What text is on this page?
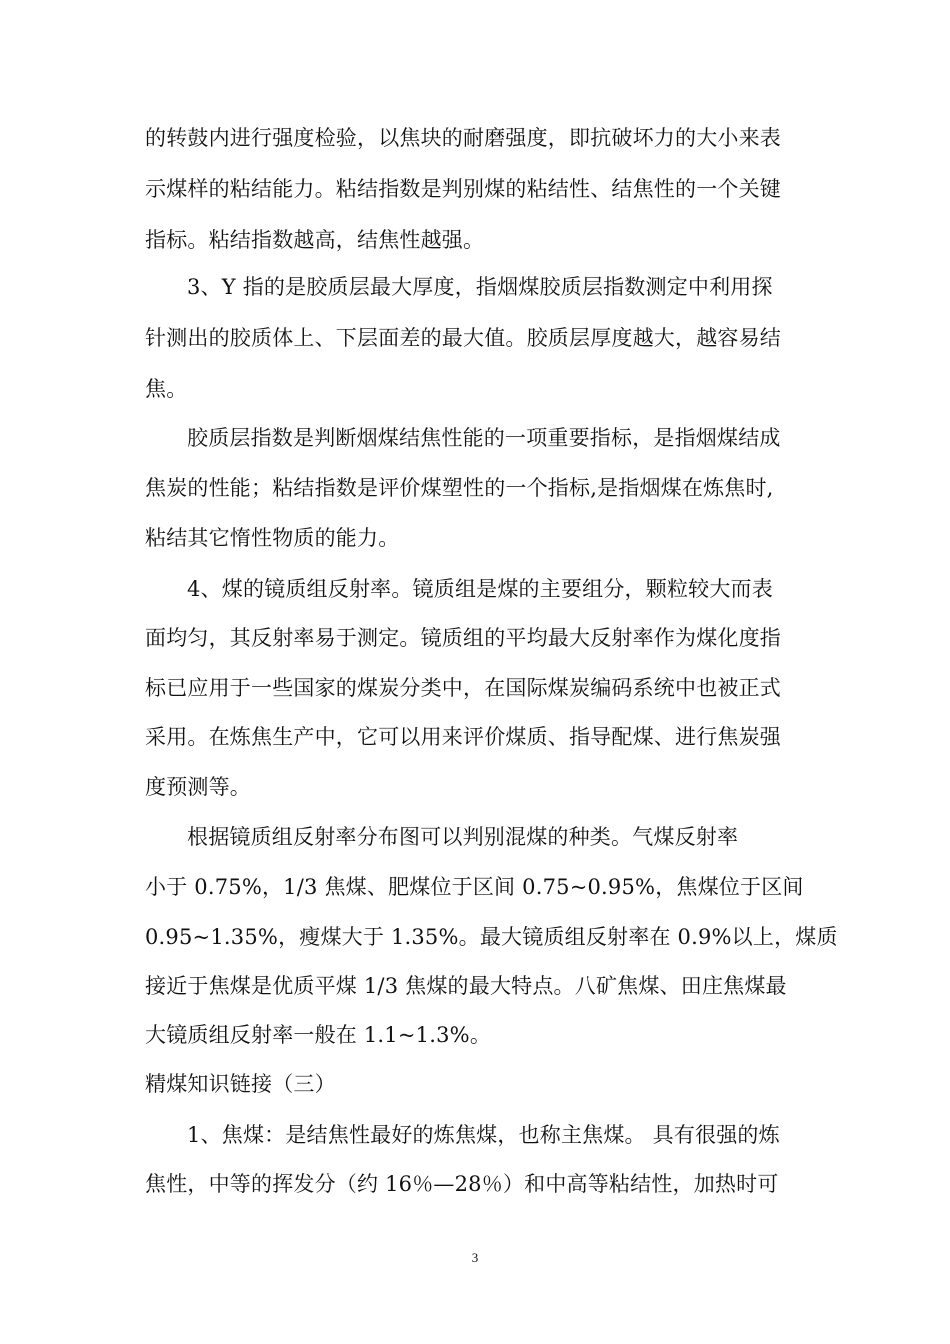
的转鼓内进行强度检验，以焦块的耐磨强度，即抗破坏力的大小来表
示煤样的粘结能力。粘结指数是判别煤的粘结性、结焦性的一个关键
指标。粘结指数越高，结焦性越强。
3、Y 指的是胶质层最大厚度，指烟煤胶质层指数测定中利用探
针测出的胶质体上、下层面差的最大值。胶质层厚度越大，越容易结
焦。
胶质层指数是判断烟煤结焦性能的一项重要指标，是指烟煤结成
焦炭的性能；粘结指数是评价煤塑性的一个指标,是指烟煤在炼焦时,
粘结其它惰性物质的能力。
4、煤的镜质组反射率。镜质组是煤的主要组分，颗粒较大而表
面均匀，其反射率易于测定。镜质组的平均最大反射率作为煤化度指
标已应用于一些国家的煤炭分类中，在国际煤炭编码系统中也被正式
采用。在炼焦生产中，它可以用来评价煤质、指导配煤、进行焦炭强
度预测等。
根据镜质组反射率分布图可以判别混煤的种类。气煤反射率
小于 0.75%，1/3 焦煤、肥煤位于区间 0.75~0.95%，焦煤位于区间
0.95~1.35%，瘦煤大于 1.35%。最大镜质组反射率在 0.9%以上，煤质
接近于焦煤是优质平煤 1/3 焦煤的最大特点。八矿焦煤、田庄焦煤最
大镜质组反射率一般在 1.1~1.3%。
精煤知识链接（三）
1、焦煤：是结焦性最好的炼焦煤，也称主焦煤。 具有很强的炼
焦性，中等的挥发分（约 16％—28％）和中高等粘结性，加热时可
3
